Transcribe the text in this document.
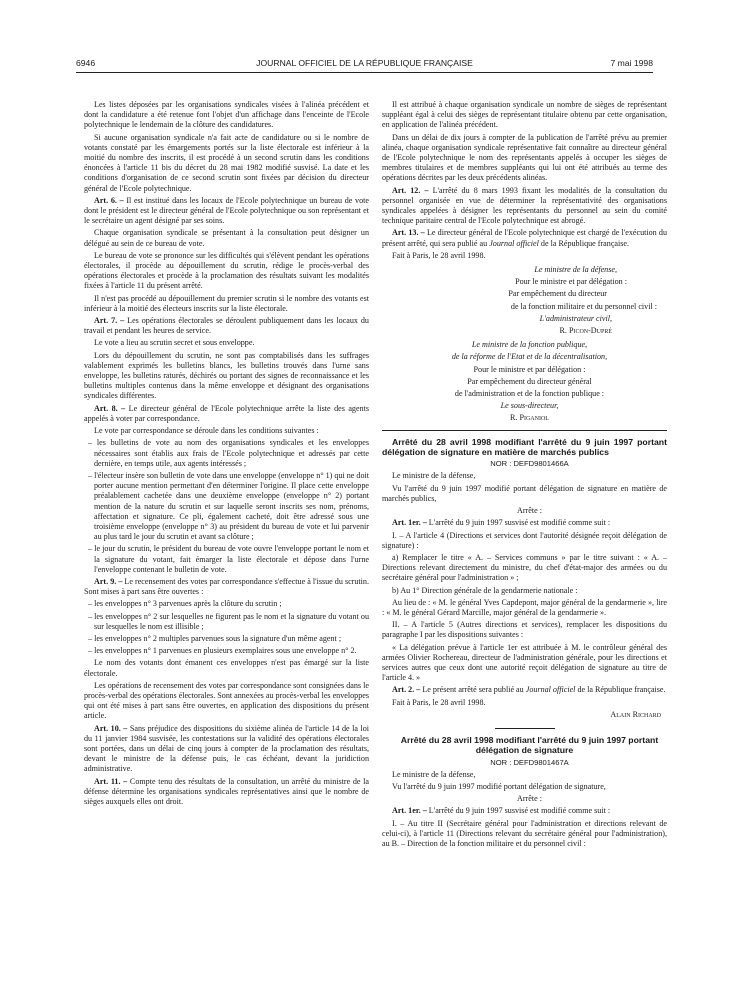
6946	JOURNAL OFFICIEL DE LA RÉPUBLIQUE FRANÇAISE	7 mai 1998

Les listes déposées par les organisations syndicales visées à l'alinéa précédent et dont la candidature a été retenue font l'objet d'un affichage dans l'enceinte de l'Ecole polytechnique le lendemain de la clôture des candidatures.

Si aucune organisation syndicale n'a fait acte de candidature ou si le nombre de votants constaté par les émargements portés sur la liste électorale est inférieur à la moitié du nombre des inscrits, il est procédé à un second scrutin dans les conditions énoncées à l'article 11 bis du décret du 28 mai 1982 modifié susvisé. La date et les conditions d'organisation de ce second scrutin sont fixées par décision du directeur général de l'Ecole polytechnique.

Art. 6. – Il est institué dans les locaux de l'Ecole polytechnique un bureau de vote dont le président est le directeur général de l'Ecole polytechnique ou son représentant et le secrétaire un agent désigné par ses soins.

Chaque organisation syndicale se présentant à la consultation peut désigner un délégué au sein de ce bureau de vote.

Le bureau de vote se prononce sur les difficultés qui s'élèvent pendant les opérations électorales, il procède au dépouillement du scrutin, rédige le procès-verbal des opérations électorales et procède à la proclamation des résultats suivant les modalités fixées à l'article 11 du présent arrêté.

Il n'est pas procédé au dépouillement du premier scrutin si le nombre des votants est inférieur à la moitié des électeurs inscrits sur la liste électorale.

Art. 7. – Les opérations électorales se déroulent publiquement dans les locaux du travail et pendant les heures de service.

Le vote a lieu au scrutin secret et sous enveloppe.

Lors du dépouillement du scrutin, ne sont pas comptabilisés dans les suffrages valablement exprimés les bulletins blancs, les bulletins trouvés dans l'urne sans enveloppe, les bulletins raturés, déchirés ou portant des signes de reconnaissance et les bulletins multiples contenus dans la même enveloppe et désignant des organisations syndicales différentes.

Art. 8. – Le directeur général de l'Ecole polytechnique arrête la liste des agents appelés à voter par correspondance.

Le vote par correspondance se déroule dans les conditions suivantes :

– les bulletins de vote au nom des organisations syndicales et les enveloppes nécessaires sont établis aux frais de l'Ecole polytechnique et adressés par cette dernière, en temps utile, aux agents intéressés ;

– l'électeur insère son bulletin de vote dans une enveloppe (enveloppe n° 1) qui ne doit porter aucune mention permettant d'en déterminer l'origine. Il place cette enveloppe préalablement cachetée dans une deuxième enveloppe (enveloppe n° 2) portant mention de la nature du scrutin et sur laquelle seront inscrits ses nom, prénoms, affectation et signature. Ce pli, également cacheté, doit être adressé sous une troisième enveloppe (enveloppe n° 3) au président du bureau de vote et lui parvenir au plus tard le jour du scrutin et avant sa clôture ;

– le jour du scrutin, le président du bureau de vote ouvre l'enveloppe portant le nom et la signature du votant, fait émarger la liste électorale et dépose dans l'urne l'enveloppe contenant le bulletin de vote.

Art. 9. – Le recensement des votes par correspondance s'effectue à l'issue du scrutin. Sont mises à part sans être ouvertes :

– les enveloppes n° 3 parvenues après la clôture du scrutin ;

– les enveloppes n° 2 sur lesquelles ne figurent pas le nom et la signature du votant ou sur lesquelles le nom est illisible ;

– les enveloppes n° 2 multiples parvenues sous la signature d'un même agent ;

– les enveloppes n° 1 parvenues en plusieurs exemplaires sous une enveloppe n° 2.

Le nom des votants dont émanent ces enveloppes n'est pas émargé sur la liste électorale.

Les opérations de recensement des votes par correspondance sont consignées dans le procès-verbal des opérations électorales. Sont annexées au procès-verbal les enveloppes qui ont été mises à part sans être ouvertes, en application des dispositions du présent article.

Art. 10. – Sans préjudice des dispositions du sixième alinéa de l'article 14 de la loi du 11 janvier 1984 susvisée, les contestations sur la validité des opérations électorales sont portées, dans un délai de cinq jours à compter de la proclamation des résultats, devant le ministre de la défense puis, le cas échéant, devant la juridiction administrative.

Art. 11. – Compte tenu des résultats de la consultation, un arrêté du ministre de la défense détermine les organisations syndicales représentatives ainsi que le nombre de sièges auxquels elles ont droit.

Il est attribué à chaque organisation syndicale un nombre de sièges de représentant suppléant égal à celui des sièges de représentant titulaire obtenu par cette organisation, en application de l'alinéa précédent.

Dans un délai de dix jours à compter de la publication de l'arrêté prévu au premier alinéa, chaque organisation syndicale représentative fait connaître au directeur général de l'Ecole polytechnique le nom des représentants appelés à occuper les sièges de membres titulaires et de membres suppléants qui lui ont été attribués au terme des opérations décrites par les deux précédents alinéas.

Art. 12. – L'arrêté du 8 mars 1993 fixant les modalités de la consultation du personnel organisée en vue de déterminer la représentativité des organisations syndicales appelées à désigner les représentants du personnel au sein du comité technique paritaire central de l'Ecole polytechnique est abrogé.

Art. 13. – Le directeur général de l'Ecole polytechnique est chargé de l'exécution du présent arrêté, qui sera publié au Journal officiel de la République française.

Fait à Paris, le 28 avril 1998.

Le ministre de la défense,

Pour le ministre et par délégation :

Par empêchement du directeur

de la fonction militaire et du personnel civil :

L'administrateur civil,

R. Picon-Dupré

Le ministre de la fonction publique,

de la réforme de l'Etat et de la décentralisation,

Pour le ministre et par délégation :

Par empêchement du directeur général

de l'administration et de la fonction publique :

Le sous-directeur,

R. Piganiol

Arrêté du 28 avril 1998 modifiant l'arrêté du 9 juin 1997 portant délégation de signature en matière de marchés publics

NOR : DEFD9801466A

Le ministre de la défense,

Vu l'arrêté du 9 juin 1997 modifié portant délégation de signature en matière de marchés publics,

Arrête :

Art. 1er. – L'arrêté du 9 juin 1997 susvisé est modifié comme suit :

I. – A l'article 4 (Directions et services dont l'autorité désignée reçoit délégation de signature) :

a) Remplacer le titre « A. – Services communs » par le titre suivant : « A. – Directions relevant directement du ministre, du chef d'état-major des armées ou du secrétaire général pour l'administration » ;

b) Au 1° Direction générale de la gendarmerie nationale :

Au lieu de : « M. le général Yves Capdepont, major général de la gendarmerie », lire : « M. le général Gérard Marcille, major général de la gendarmerie ».

II. – A l'article 5 (Autres directions et services), remplacer les dispositions du paragraphe I par les dispositions suivantes :

« La délégation prévue à l'article 1er est attribuée à M. le contrôleur général des armées Olivier Rochereau, directeur de l'administration générale, pour les directions et services autres que ceux dont une autorité reçoit délégation de signature au titre de l'article 4. »

Art. 2. – Le présent arrêté sera publié au Journal officiel de la République française.

Fait à Paris, le 28 avril 1998.

Alain Richard

Arrêté du 28 avril 1998 modifiant l'arrêté du 9 juin 1997 portant délégation de signature

NOR : DEFD9801467A

Le ministre de la défense,

Vu l'arrêté du 9 juin 1997 modifié portant délégation de signature,

Arrête :

Art. 1er. – L'arrêté du 9 juin 1997 susvisé est modifié comme suit :

I. – Au titre II (Secrétaire général pour l'administration et directions relevant de celui-ci), à l'article 11 (Directions relevant du secrétaire général pour l'administration), au B. – Direction de la fonction militaire et du personnel civil :
